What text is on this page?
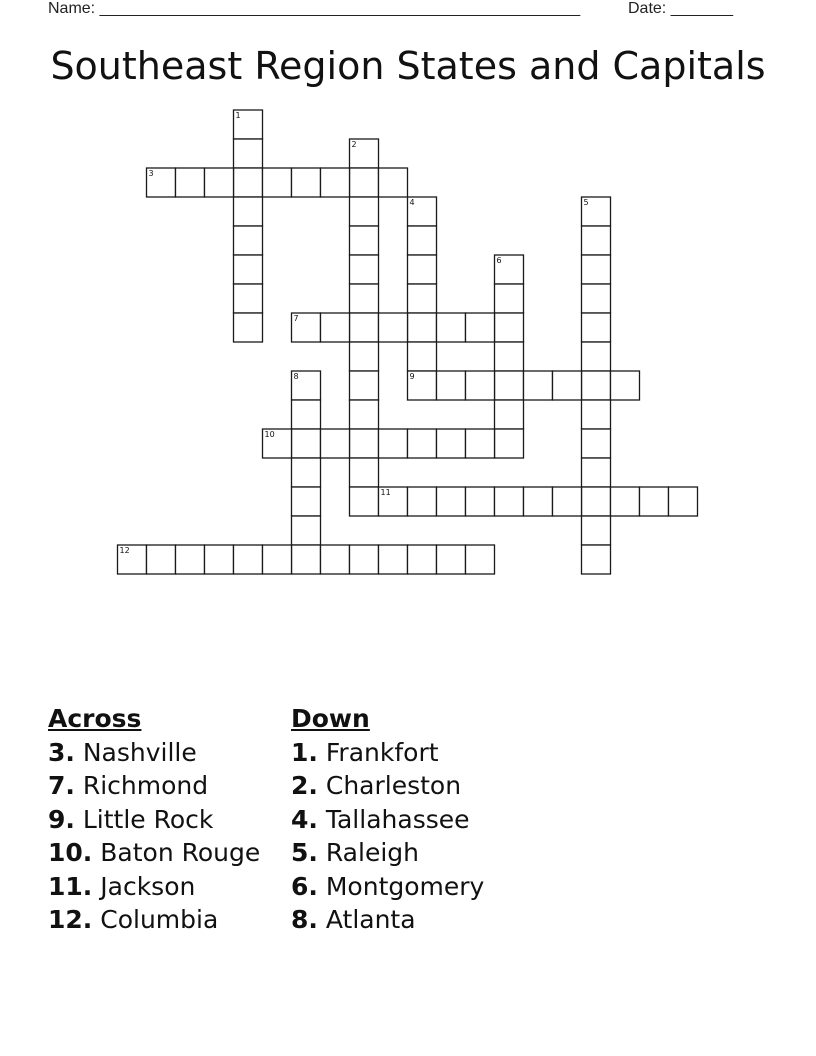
Name: ______________________________________________________	Date: _______
Southeast Region States and Capitals
1
2
3
4	5
6
7
8	9
10
11
12
Across
3. Nashville
7. Richmond
9. Little Rock
10. Baton Rouge
11. Jackson
12. Columbia
Down
1. Frankfort
2. Charleston
4. Tallahassee
5. Raleigh
6. Montgomery
8. Atlanta
